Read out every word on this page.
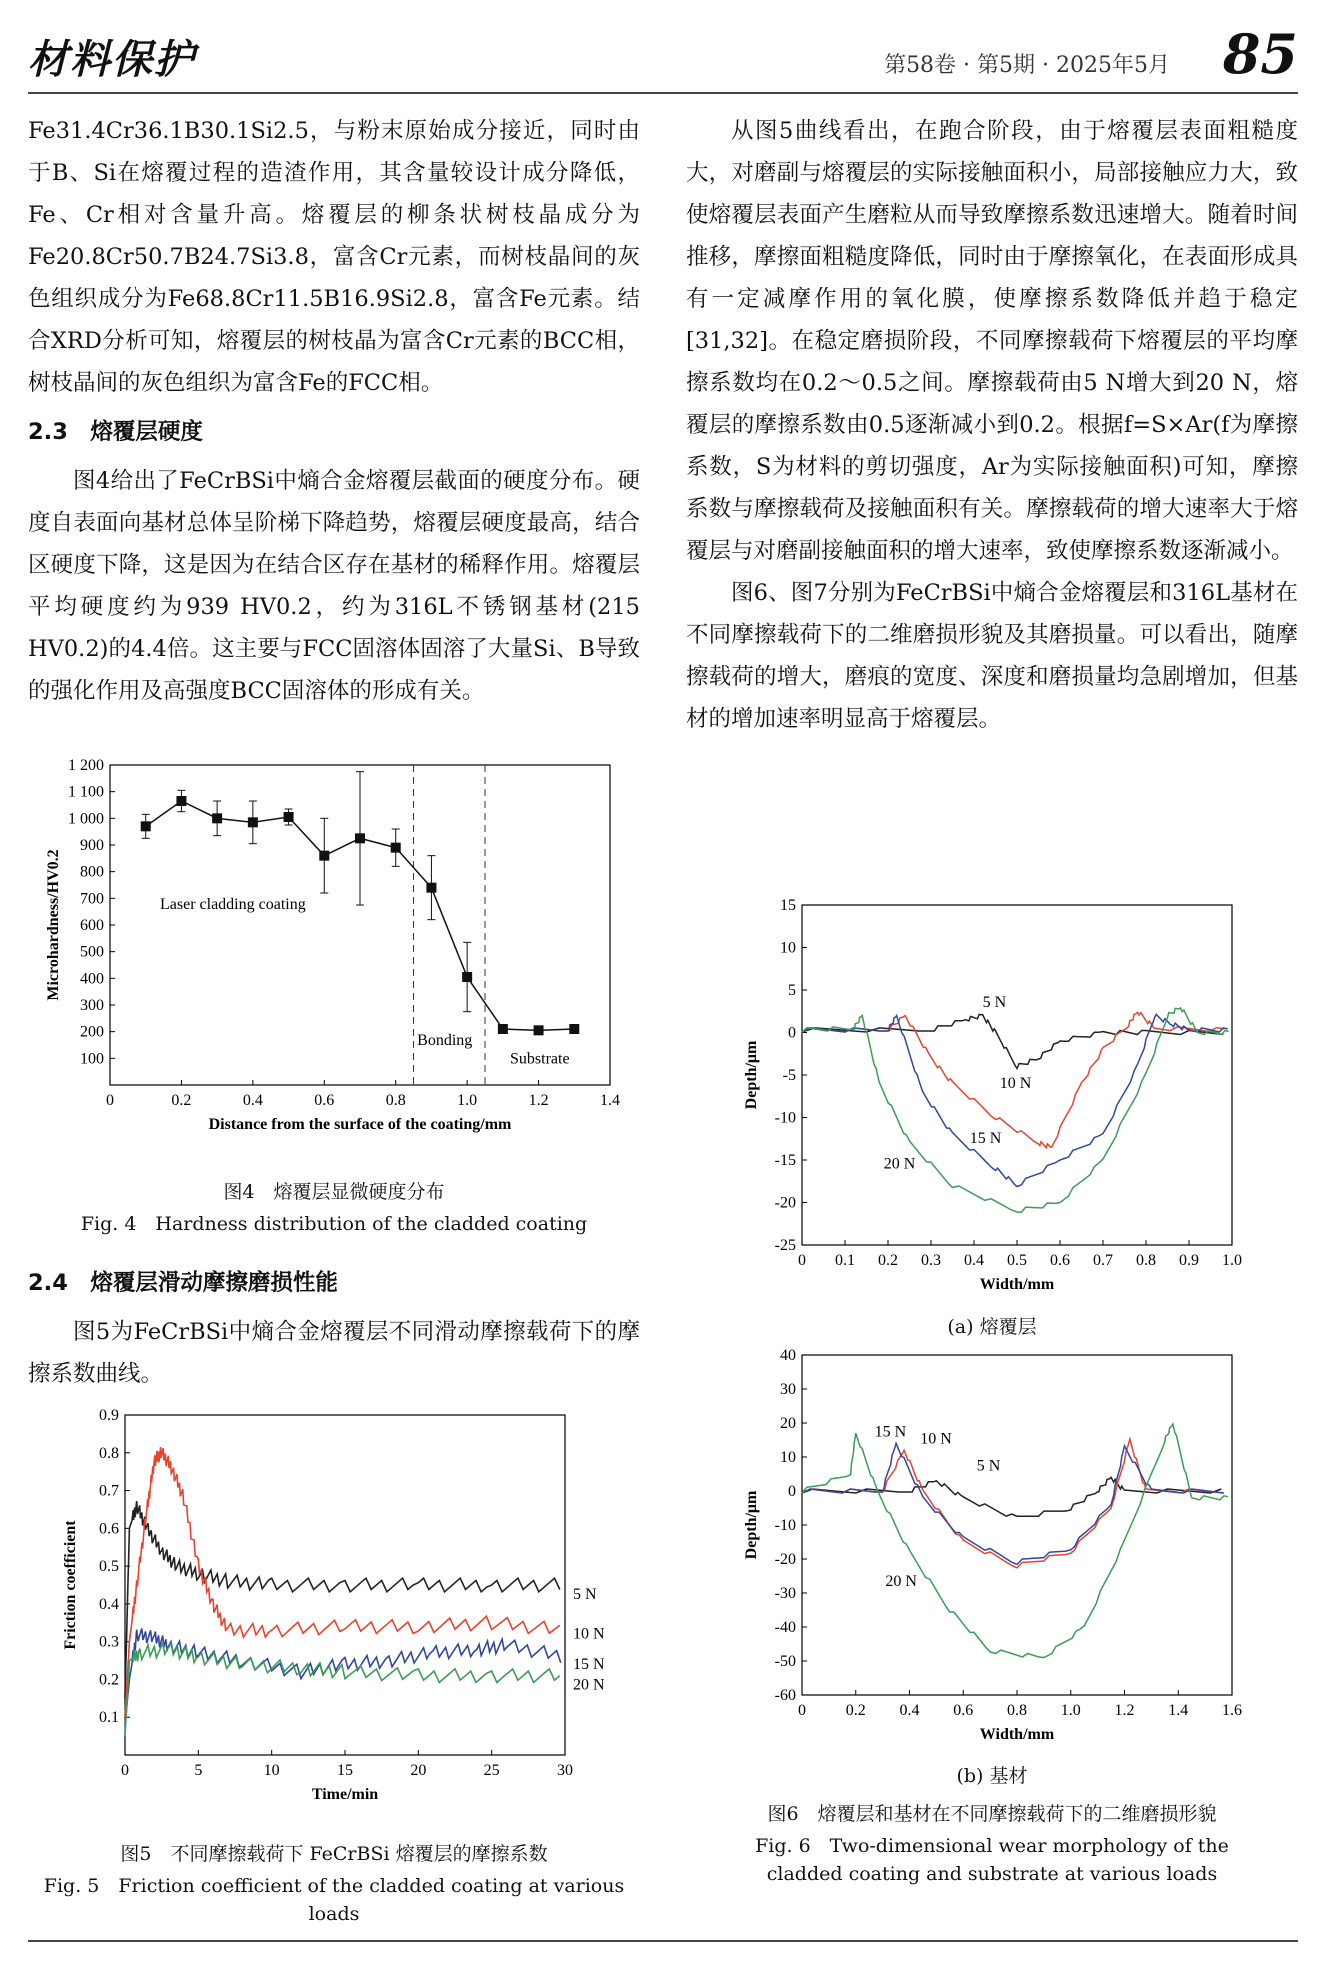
材料保护	第58卷 · 第5期 · 2025年5月 85

Fe31.4Cr36.1B30.1Si2.5，与粉末原始成分接近，同时由于B、Si在熔覆过程的造渣作用，其含量较设计成分降低，Fe、Cr相对含量升高。熔覆层的柳条状树枝晶成分为Fe20.8Cr50.7B24.7Si3.8，富含Cr元素，而树枝晶间的灰色组织成分为Fe68.8Cr11.5B16.9Si2.8，富含Fe元素。结合XRD分析可知，熔覆层的树枝晶为富含Cr元素的BCC相，树枝晶间的灰色组织为富含Fe的FCC相。

2.3　熔覆层硬度

图4给出了FeCrBSi中熵合金熔覆层截面的硬度分布。硬度自表面向基材总体呈阶梯下降趋势，熔覆层硬度最高，结合区硬度下降，这是因为在结合区存在基材的稀释作用。熔覆层平均硬度约为939 HV0.2，约为316L不锈钢基材(215 HV0.2)的4.4倍。这主要与FCC固溶体固溶了大量Si、B导致的强化作用及高强度BCC固溶体的形成有关。

0	0.2	0.4	0.6	0.8	1.0	1.2	1.4
100
200
300
400
500
600
700
800
900
1 000
1 100
1 200
Distance from the surface of the coating/mm
Microhardness/HV0.2	Laser cladding coating
Bonding
Substrate
图4　熔覆层显微硬度分布
Fig. 4　Hardness distribution of the cladded coating
2.4　熔覆层滑动摩擦磨损性能

图5为FeCrBSi中熵合金熔覆层不同滑动摩擦载荷下的摩擦系数曲线。

0	5	10	15	20	25	30
0.1
0.2
0.3
0.4
0.5
0.6
0.7
0.8
0.9
Time/min
Friction coefficient	5 N
10 N
15 N
20 N
图5　不同摩擦载荷下 FeCrBSi 熔覆层的摩擦系数
Fig. 5　Friction coefficient of the cladded coating at various loads

从图5曲线看出，在跑合阶段，由于熔覆层表面粗糙度大，对磨副与熔覆层的实际接触面积小，局部接触应力大，致使熔覆层表面产生磨粒从而导致摩擦系数迅速增大。随着时间推移，摩擦面粗糙度降低，同时由于摩擦氧化，在表面形成具有一定减摩作用的氧化膜，使摩擦系数降低并趋于稳定[31,32]。在稳定磨损阶段，不同摩擦载荷下熔覆层的平均摩擦系数均在0.2～0.5之间。摩擦载荷由5 N增大到20 N，熔覆层的摩擦系数由0.5逐渐减小到0.2。根据f=S×Ar(f为摩擦系数，S为材料的剪切强度，Ar为实际接触面积)可知，摩擦系数与摩擦载荷及接触面积有关。摩擦载荷的增大速率大于熔覆层与对磨副接触面积的增大速率，致使摩擦系数逐渐减小。

图6、图7分别为FeCrBSi中熵合金熔覆层和316L基材在不同摩擦载荷下的二维磨损形貌及其磨损量。可以看出，随摩擦载荷的增大，磨痕的宽度、深度和磨损量均急剧增加，但基材的增加速率明显高于熔覆层。

0 0.1 0.2 0.3 0.4 0.5 0.6 0.7 0.8 0.9 1.0
-25
-20
-15
-10
-5
0
5
10
15
Width/mm
Depth/μm
5 N
10 N
15 N
20 N
(a) 熔覆层
0 0.2 0.4 0.6 0.8 1.0 1.2 1.4 1.6
-60
-50
-40
-30
-20
-10
0
10
20
30
40
Width/mm
Depth/μm
15 N 10 N
5 N
20 N
(b) 基材
图6　熔覆层和基材在不同摩擦载荷下的二维磨损形貌
Fig. 6　Two-dimensional wear morphology of the
cladded coating and substrate at various loads
